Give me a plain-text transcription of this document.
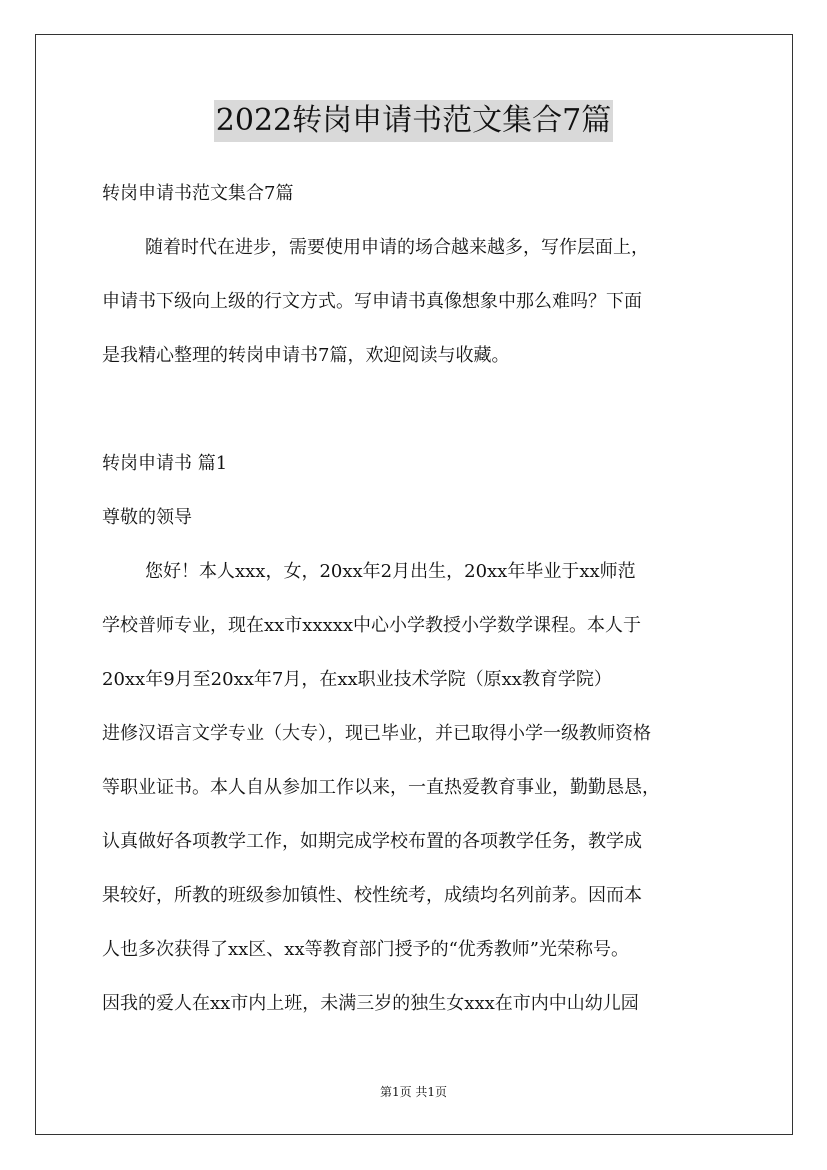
2022转岗申请书范文集合7篇
转岗申请书范文集合7篇
随着时代在进步，需要使用申请的场合越来越多，写作层面上，
申请书下级向上级的行文方式。写申请书真像想象中那么难吗？下面
是我精心整理的转岗申请书7篇，欢迎阅读与收藏。
转岗申请书 篇1
尊敬的领导
您好！本人xxx，女，20xx年2月出生，20xx年毕业于xx师范
学校普师专业，现在xx市xxxxx中心小学教授小学数学课程。本人于
20xx年9月至20xx年7月，在xx职业技术学院（原xx教育学院）
进修汉语言文学专业（大专），现已毕业，并已取得小学一级教师资格
等职业证书。本人自从参加工作以来，一直热爱教育事业，勤勤恳恳，
认真做好各项教学工作，如期完成学校布置的各项教学任务，教学成
果较好，所教的班级参加镇性、校性统考，成绩均名列前茅。因而本
人也多次获得了xx区、xx等教育部门授予的“优秀教师”光荣称号。
因我的爱人在xx市内上班，未满三岁的独生女xxx在市内中山幼儿园
第1页 共1页
